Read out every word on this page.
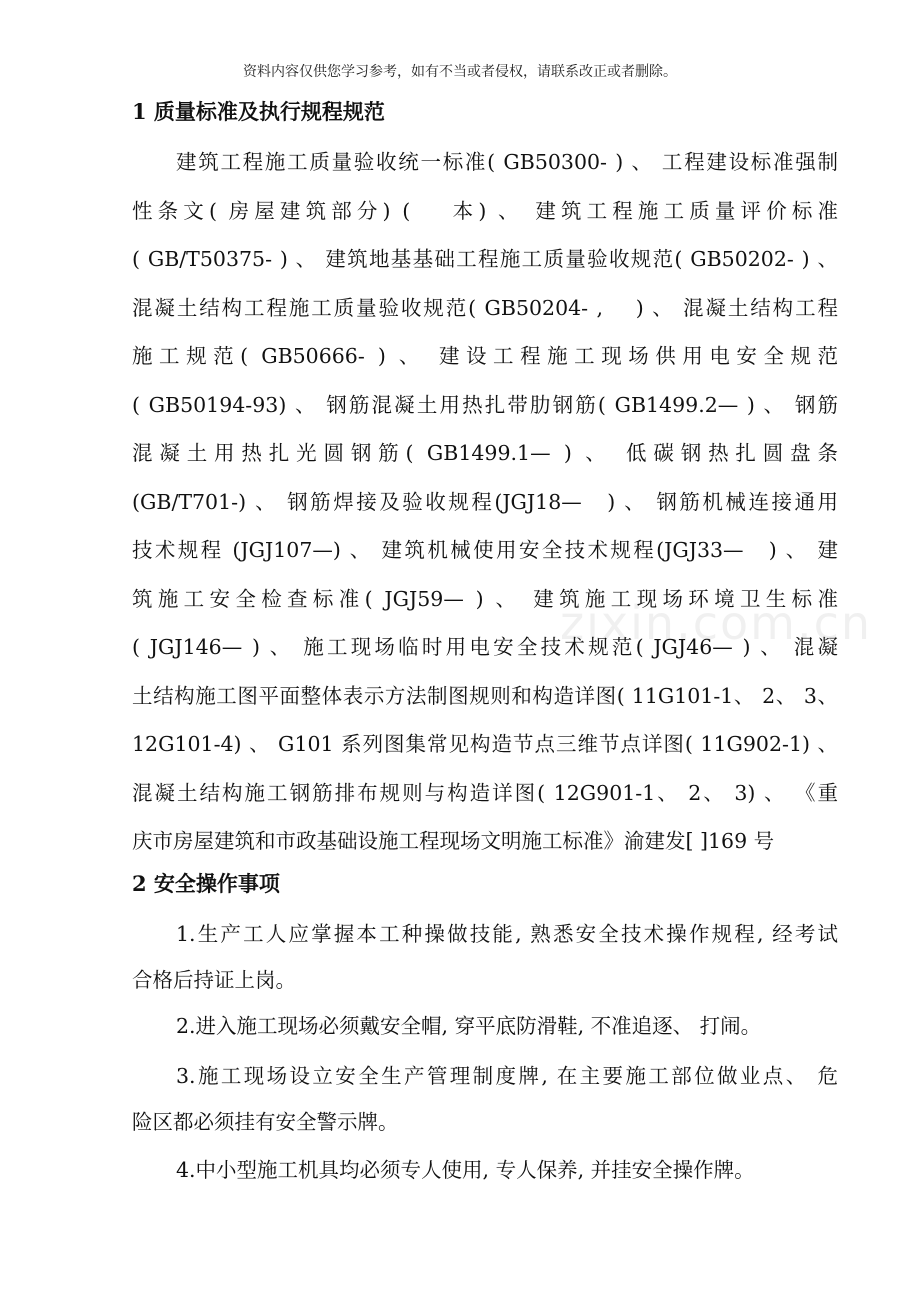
资料内容仅供您学习参考，如有不当或者侵权，请联系改正或者删除。
zixin.com.cn
1 质量标准及执行规程规范
建筑工程施工质量验收统一标准( GB50300- ) 、 工程建设标准强制
性条文( 房屋建筑部分) (　 本) 、 建筑工程施工质量评价标准
( GB/T50375- ) 、 建筑地基基础工程施工质量验收规范( GB50202- ) 、
混凝土结构工程施工质量验收规范( GB50204- ,　 ) 、 混凝土结构工程
施工规范( GB50666- ) 、 建设工程施工现场供用电安全规范
( GB50194-93) 、 钢筋混凝土用热扎带肋钢筋( GB1499.2— ) 、 钢筋
混凝土用热扎光圆钢筋( GB1499.1— ) 、 低碳钢热扎圆盘条
(GB/T701-) 、 钢筋焊接及验收规程(JGJ18—　) 、 钢筋机械连接通用
技术规程 (JGJ107—) 、 建筑机械使用安全技术规程(JGJ33—　) 、 建
筑施工安全检查标准( JGJ59— ) 、 建筑施工现场环境卫生标准
( JGJ146— ) 、 施工现场临时用电安全技术规范( JGJ46— ) 、 混凝
土结构施工图平面整体表示方法制图规则和构造详图( 11G101-1、 2、 3、
12G101-4) 、 G101 系列图集常见构造节点三维节点详图( 11G902-1) 、
混凝土结构施工钢筋排布规则与构造详图( 12G901-1、 2、 3) 、 《重
庆市房屋建筑和市政基础设施工程现场文明施工标准》渝建发[ ]169 号
2 安全操作事项
1.生产工人应掌握本工种操做技能, 熟悉安全技术操作规程, 经考试
合格后持证上岗。
2.进入施工现场必须戴安全帽, 穿平底防滑鞋, 不准追逐、 打闹。
3.施工现场设立安全生产管理制度牌, 在主要施工部位做业点、 危
险区都必须挂有安全警示牌。
4.中小型施工机具均必须专人使用, 专人保养, 并挂安全操作牌。
